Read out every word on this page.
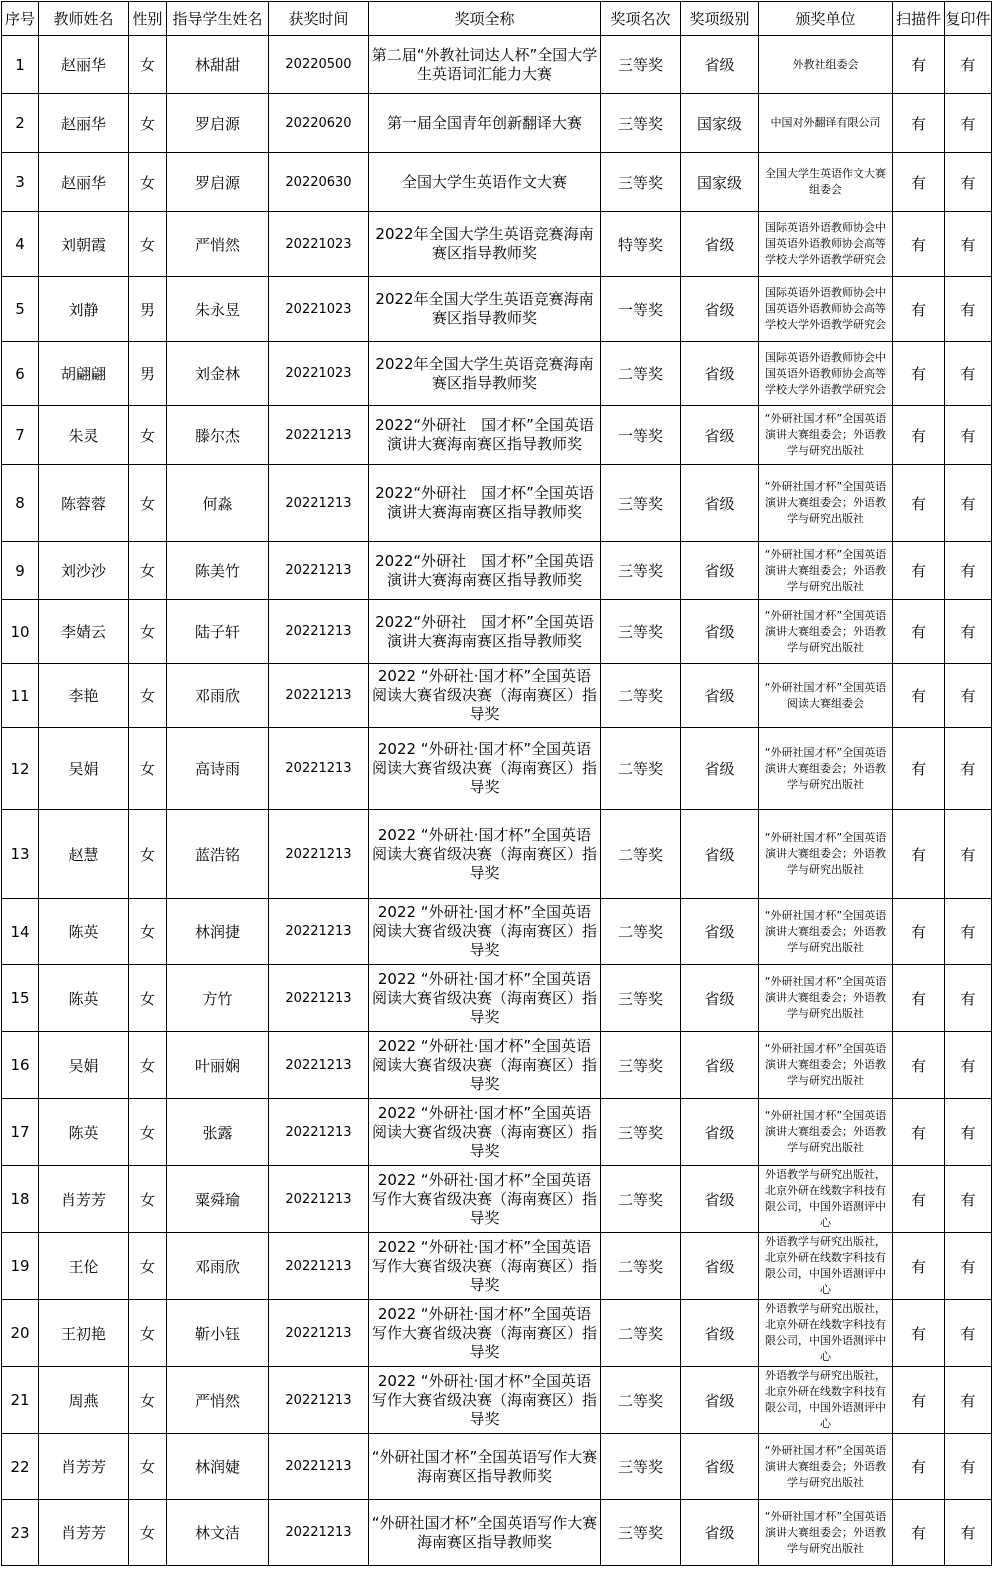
序号	教师姓名	性别	指导学生姓名	获奖时间	奖项全称	奖项名次	奖项级别	颁奖单位	扫描件	复印件
1	赵丽华	女	林甜甜	20220500	第二届“外教社词达人杯”全国大学生英语词汇能力大赛	三等奖	省级	外教社组委会	有	有
2	赵丽华	女	罗启源	20220620	第一届全国青年创新翻译大赛	三等奖	国家级	中国对外翻译有限公司	有	有
3	赵丽华	女	罗启源	20220630	全国大学生英语作文大赛	三等奖	国家级	全国大学生英语作文大赛组委会	有	有
4	刘朝霞	女	严悄然	20221023	2022年全国大学生英语竞赛海南赛区指导教师奖	特等奖	省级	国际英语外语教师协会中国英语外语教师协会高等学校大学外语教学研究会	有	有
5	刘静	男	朱永昱	20221023	2022年全国大学生英语竞赛海南赛区指导教师奖	一等奖	省级	国际英语外语教师协会中国英语外语教师协会高等学校大学外语教学研究会	有	有
6	胡翩翩	男	刘金林	20221023	2022年全国大学生英语竞赛海南赛区指导教师奖	二等奖	省级	国际英语外语教师协会中国英语外语教师协会高等学校大学外语教学研究会	有	有
7	朱灵	女	滕尔杰	20221213	2022“外研社　国才杯”全国英语演讲大赛海南赛区指导教师奖	一等奖	省级	“外研社国才杯”全国英语演讲大赛组委会；外语教学与研究出版社	有	有
8	陈蓉蓉	女	何淼	20221213	2022“外研社　国才杯”全国英语演讲大赛海南赛区指导教师奖	三等奖	省级	“外研社国才杯”全国英语演讲大赛组委会；外语教学与研究出版社	有	有
9	刘沙沙	女	陈美竹	20221213	2022“外研社　国才杯”全国英语演讲大赛海南赛区指导教师奖	三等奖	省级	“外研社国才杯”全国英语演讲大赛组委会；外语教学与研究出版社	有	有
10	李婧云	女	陆子轩	20221213	2022“外研社　国才杯”全国英语演讲大赛海南赛区指导教师奖	三等奖	省级	“外研社国才杯”全国英语演讲大赛组委会；外语教学与研究出版社	有	有
11	李艳	女	邓雨欣	20221213	2022 “外研社·国才杯”全国英语阅读大赛省级决赛（海南赛区）指导奖	二等奖	省级	“外研社国才杯”全国英语阅读大赛组委会	有	有
12	吴娟	女	高诗雨	20221213	2022 “外研社·国才杯”全国英语阅读大赛省级决赛（海南赛区）指导奖	二等奖	省级	“外研社国才杯”全国英语演讲大赛组委会；外语教学与研究出版社	有	有
13	赵慧	女	蓝浩铭	20221213	2022 “外研社·国才杯”全国英语阅读大赛省级决赛（海南赛区）指导奖	二等奖	省级	“外研社国才杯”全国英语演讲大赛组委会；外语教学与研究出版社	有	有
14	陈英	女	林润捷	20221213	2022 “外研社·国才杯”全国英语阅读大赛省级决赛（海南赛区）指导奖	二等奖	省级	“外研社国才杯”全国英语演讲大赛组委会；外语教学与研究出版社	有	有
15	陈英	女	方竹	20221213	2022 “外研社·国才杯”全国英语阅读大赛省级决赛（海南赛区）指导奖	三等奖	省级	“外研社国才杯”全国英语演讲大赛组委会；外语教学与研究出版社	有	有
16	吴娟	女	叶丽娴	20221213	2022 “外研社·国才杯”全国英语阅读大赛省级决赛（海南赛区）指导奖	三等奖	省级	“外研社国才杯”全国英语演讲大赛组委会；外语教学与研究出版社	有	有
17	陈英	女	张露	20221213	2022 “外研社·国才杯”全国英语阅读大赛省级决赛（海南赛区）指导奖	三等奖	省级	“外研社国才杯”全国英语演讲大赛组委会；外语教学与研究出版社	有	有
18	肖芳芳	女	粟舜瑜	20221213	2022 “外研社·国才杯”全国英语写作大赛省级决赛（海南赛区）指导奖	二等奖	省级	外语教学与研究出版社，北京外研在线数字科技有限公司，中国外语测评中心	有	有
19	王伦	女	邓雨欣	20221213	2022 “外研社·国才杯”全国英语写作大赛省级决赛（海南赛区）指导奖	二等奖	省级	外语教学与研究出版社，北京外研在线数字科技有限公司，中国外语测评中心	有	有
20	王初艳	女	靳小钰	20221213	2022 “外研社·国才杯”全国英语写作大赛省级决赛（海南赛区）指导奖	二等奖	省级	外语教学与研究出版社，北京外研在线数字科技有限公司，中国外语测评中心	有	有
21	周燕	女	严悄然	20221213	2022 “外研社·国才杯”全国英语写作大赛省级决赛（海南赛区）指导奖	二等奖	省级	外语教学与研究出版社，北京外研在线数字科技有限公司，中国外语测评中心	有	有
22	肖芳芳	女	林润婕	20221213	“外研社国才杯”全国英语写作大赛海南赛区指导教师奖	三等奖	省级	“外研社国才杯”全国英语演讲大赛组委会；外语教学与研究出版社	有	有
23	肖芳芳	女	林文洁	20221213	“外研社国才杯”全国英语写作大赛海南赛区指导教师奖	三等奖	省级	“外研社国才杯”全国英语演讲大赛组委会；外语教学与研究出版社	有	有
